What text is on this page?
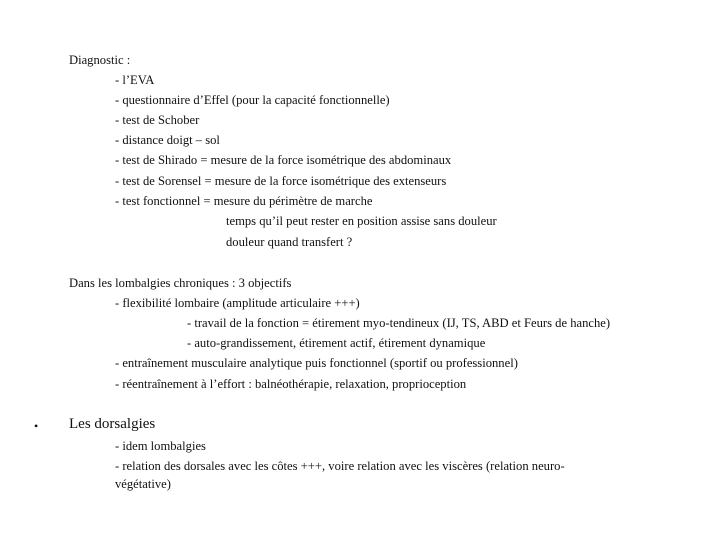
Diagnostic :
- l’EVA
- questionnaire d’Effel (pour la capacité fonctionnelle)
- test de Schober
- distance doigt – sol
- test de Shirado = mesure de la force isométrique des abdominaux
- test de Sorensel = mesure de la force isométrique des extenseurs
- test fonctionnel = mesure du périmètre de marche
temps qu’il peut rester en position assise sans douleur
douleur quand transfert ?
Dans les lombalgies chroniques : 3 objectifs
- flexibilité lombaire (amplitude articulaire +++)
- travail de la fonction = étirement myo-tendineux (IJ, TS, ABD et Feurs de hanche)
- auto-grandissement, étirement actif, étirement dynamique
- entraînement musculaire analytique puis fonctionnel (sportif ou professionnel)
- réentraînement à l’effort : balnéothérapie, relaxation, proprioception
• Les dorsalgies
- idem lombalgies
- relation des dorsales avec les côtes +++, voire relation avec les viscères (relation neuro-
végétative)
